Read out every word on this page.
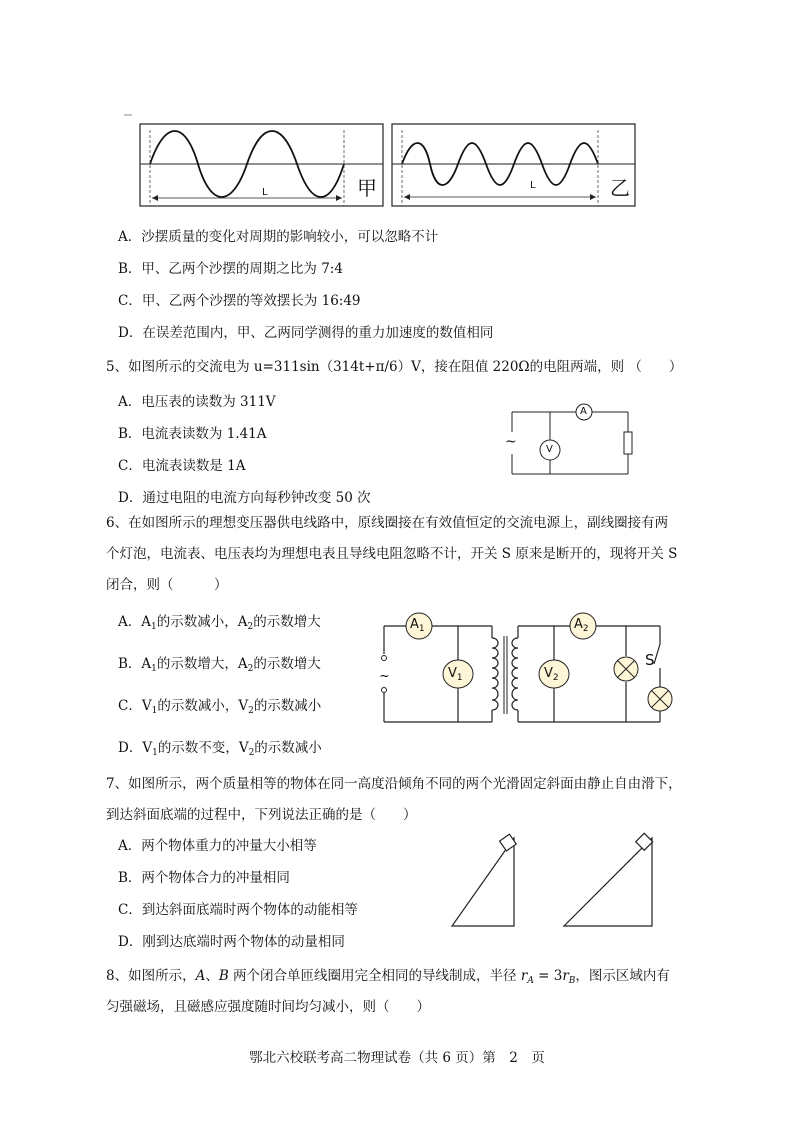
L
L
甲	乙
A．沙摆质量的变化对周期的影响较小，可以忽略不计
B．甲、乙两个沙摆的周期之比为 7:4
C．甲、乙两个沙摆的等效摆长为 16:49
D．在误差范围内，甲、乙两同学测得的重力加速度的数值相同
5、如图所示的交流电为 u=311sin（314t+π/6）V，接在阻值 220Ω的电阻两端，则 （　　）
A．电压表的读数为 311V
B．电流表读数为 1.41A
C．电流表读数是 1A
D．通过电阻的电流方向每秒钟改变 50 次
~
A
V
6、在如图所示的理想变压器供电线路中，原线圈接在有效值恒定的交流电源上，副线圈接有两
个灯泡，电流表、电压表均为理想电表且导线电阻忽略不计，开关 S 原来是断开的，现将开关 S
闭合，则（　　　）
A．$A_1$的示数减小，$A_2$的示数增大
B．$A_1$的示数增大，$A_2$的示数增大
C．$V_1$的示数减小，$V_2$的示数减小
D．$V_1$的示数不变，$V_2$的示数减小
~
$A_1$
$V_1$
$A_2$
$V_2$
S
7、如图所示，两个质量相等的物体在同一高度沿倾角不同的两个光滑固定斜面由静止自由滑下，
到达斜面底端的过程中，下列说法正确的是（　　）
A．两个物体重力的冲量大小相等
B．两个物体合力的冲量相同
C．到达斜面底端时两个物体的动能相等
D．刚到达底端时两个物体的动量相同
8、如图所示，A、B 两个闭合单匝线圈用完全相同的导线制成，半径 $r_A = 3r_B$，图示区域内有
匀强磁场，且磁感应强度随时间均匀减小，则（　　）
鄂北六校联考高二物理试卷（共 6 页）第　2　页
